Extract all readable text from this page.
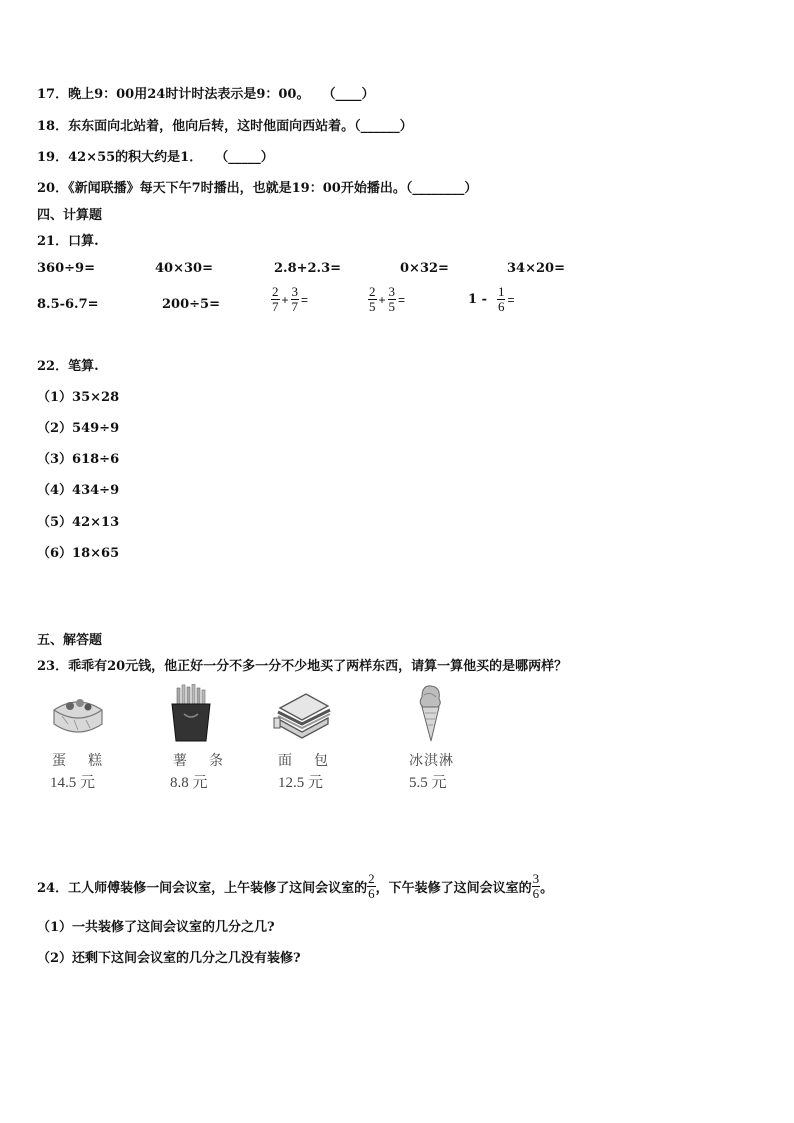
17．晚上9：00用24时计时法表示是9：00。　　（____）
18．东东面向北站着，他向后转，这时他面向西站着。（______）
19．42×55的积大约是1．　　（_____）
20．《新闻联播》每天下午7时播出，也就是19：00开始播出。（________）
四、计算题
21．口算.
360÷9=	40×30=	2.8+2.3=	0×32=	34×20=
8.5-6.7=	200÷5=	$\frac{2}{7} + \frac{3}{7}$ =	$\frac{2}{5} + \frac{3}{5}$ =	$1 - \frac{1}{6}$ =
22．笔算.
（1）35×28
（2）549÷9
（3）618÷6
（4）434÷9
（5）42×13
（6）18×65
五、解答题
23．乖乖有20元钱，他正好一分不多一分不少地买了两样东西，请算一算他买的是哪两样？
蛋糕
14.5 元
薯条
8.8 元
面包
12.5 元
冰淇淋
5.5 元
24．工人师傅装修一间会议室，上午装修了这间会议室的 $\frac{2}{6}$ ，下午装修了这间会议室的 $\frac{3}{6}$ 。
（1）一共装修了这间会议室的几分之几?
（2）还剩下这间会议室的几分之几没有装修?
